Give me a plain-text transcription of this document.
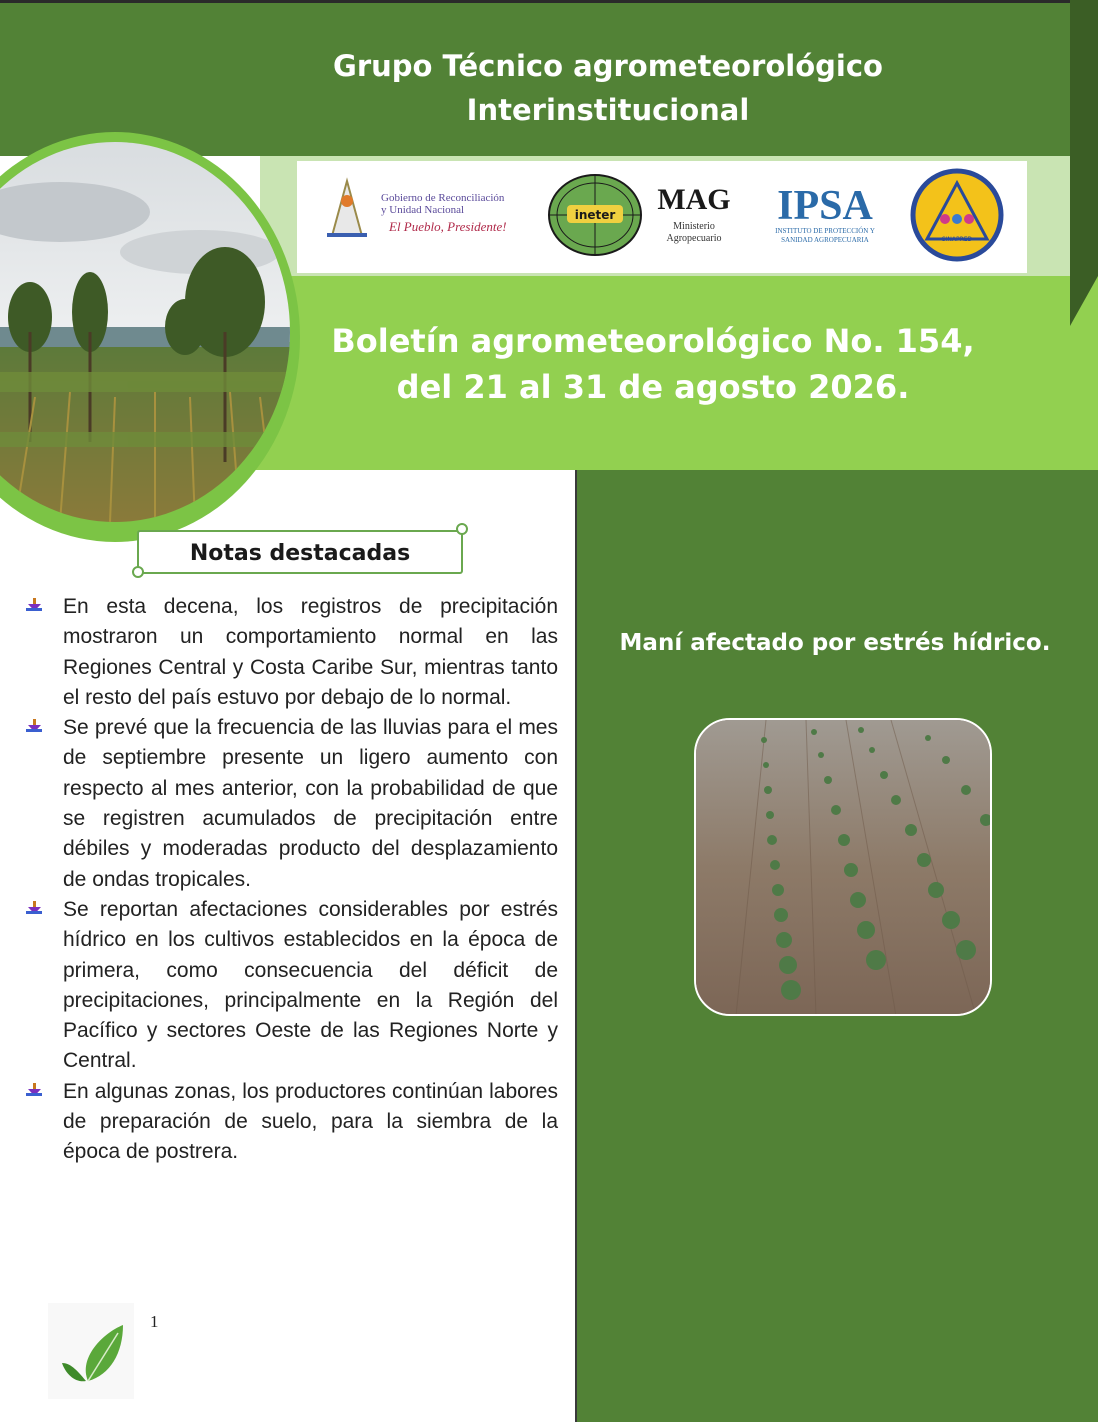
Grupo Técnico agrometeorológico
Interinstitucional
Gobierno de Reconciliación
y Unidad Nacional
El Pueblo, Presidente!
ineter MAG
Ministerio
Agropecuario
IPSA
INSTITUTO DE PROTECCIÓN Y
SANIDAD AGROPECUARIA	SINAPRED
Boletín agrometeorológico No. 154,
del 21 al 31 de agosto 2026.
Notas destacadas
En esta decena, los registros de precipitación mostraron un comportamiento normal en las Regiones Central y Costa Caribe Sur, mientras tanto el resto del país estuvo por debajo de lo normal.
Se prevé que la frecuencia de las lluvias para el mes de septiembre presente un ligero aumento con respecto al mes anterior, con la probabilidad de que se registren acumulados de precipitación entre débiles y moderadas producto del desplazamiento de ondas tropicales.
Se reportan afectaciones considerables por estrés hídrico en los cultivos establecidos en la época de primera, como consecuencia del déficit de precipitaciones, principalmente en la Región del Pacífico y sectores Oeste de las Regiones Norte y Central.
En algunas zonas, los productores continúan labores de preparación de suelo, para la siembra de la época de postrera.
Maní afectado por estrés hídrico.
1
